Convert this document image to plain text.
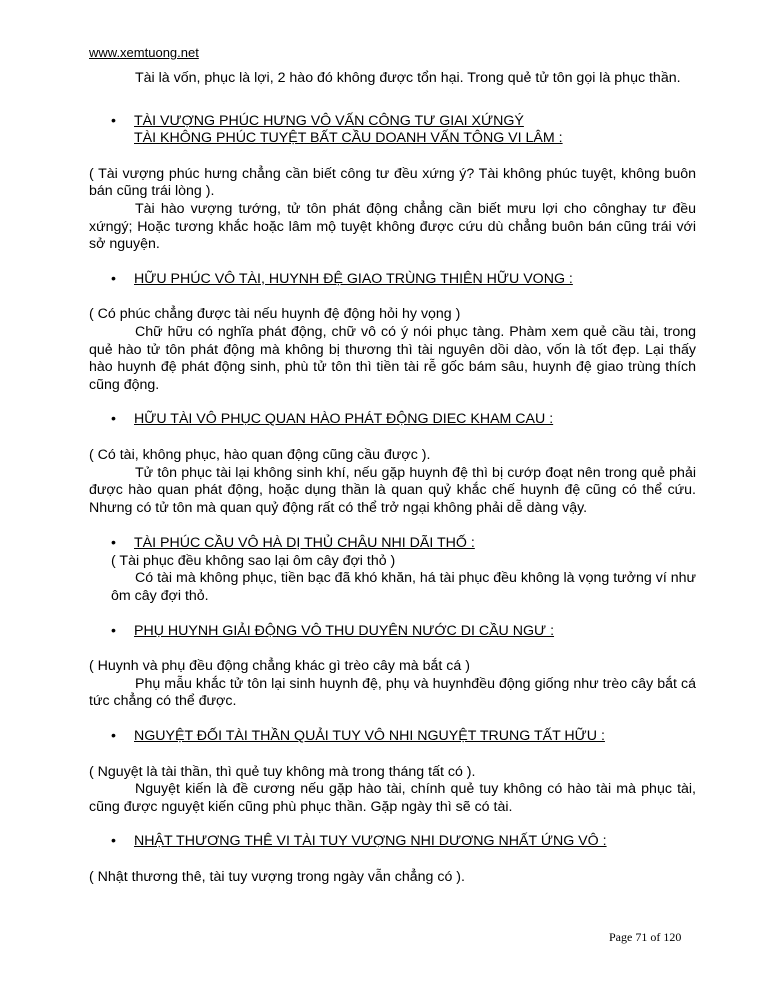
www.xemtuong.net

Tài là vốn, phục là lợi, 2 hào đó không được tổn hại. Trong quẻ tử tôn gọi là phục thần.

• TÀI VƯỢNG PHÚC HƯNG VÔ VẤN CÔNG TƯ GIAI XỨNGÝ
TÀI KHÔNG PHÚC TUYỆT BẤT CẦU DOANH VẤN TÔNG VI LÂM :

( Tài vượng phúc hưng chẳng cần biết công tư đều xứng ý? Tài không phúc tuyệt, không buôn bán cũng trái lòng ).

Tài hào vượng tướng, tử tôn phát động chẳng cần biết mưu lợi cho cônghay tư đều xứngý; Hoặc tương khắc hoặc lâm mộ tuyệt không được cứu dù chẳng buôn bán cũng trái với sở nguyện.

• HỮU PHÚC VÔ TÀI, HUYNH ĐỆ GIAO TRÙNG THIÊN HỮU VONG :

( Có phúc chẳng được tài nếu huynh đệ động hỏi hy vọng )

Chữ hữu có nghĩa phát động, chữ vô có ý nói phục tàng. Phàm xem quẻ cầu tài, trong quẻ hào tử tôn phát động mà không bị thương thì tài nguyên dồi dào, vốn là tốt đẹp. Lại thấy hào huynh đệ phát động sinh, phù tử tôn thì tiền tài rễ gốc bám sâu, huynh đệ giao trùng thích cũng động.

• HỮU TÀI VÔ PHỤC QUAN HÀO PHÁT ĐỘNG DIEC KHAM CAU :

( Có tài, không phục, hào quan động cũng cầu được ).

Tử tôn phục tài lại không sinh khí, nếu gặp huynh đệ thì bị cướp đoạt nên trong quẻ phải được hào quan phát động, hoặc dụng thần là quan quỷ khắc chế huynh đệ cũng có thể cứu. Nhưng có tử tôn mà quan quỷ động rất có thể trở ngại không phải dễ dàng vậy.

• TÀI PHÚC CẦU VÔ HÀ DỊ THỦ CHÂU NHI DÃI THỐ :

( Tài phục đều không sao lại ôm cây đợi thỏ )

Có tài mà không phục, tiền bạc đã khó khăn, há tài phục đều không là vọng tưởng ví như ôm cây đợi thỏ.

• PHỤ HUYNH GIẢI ĐỘNG VÔ THU DUYÊN NƯỚC DI CẦU NGƯ :

( Huynh và phụ đều động chẳng khác gì trèo cây mà bắt cá )

Phụ mẫu khắc tử tôn lại sinh huynh đệ, phụ và huynhđều động giống như trèo cây bắt cá tức chẳng có thể được.

• NGUYỆT ĐỐI TÀI THẦN QUẢI TUY VÔ NHI NGUYỆT TRUNG TẤT HỮU :

( Nguyệt là tài thần, thì quẻ tuy không mà trong tháng tất có ).

Nguyệt kiến là đề cương nếu gặp hào tài, chính quẻ tuy không có hào tài mà phục tài, cũng được nguyệt kiến cũng phù phục thần. Gặp ngày thì sẽ có tài.

• NHẬT THƯƠNG THÊ VI TÀI TUY VƯỢNG NHI DƯƠNG NHẤT ỨNG VÔ :

( Nhật thương thê, tài tuy vượng trong ngày vẫn chẳng có ).

Page 71 of 120
